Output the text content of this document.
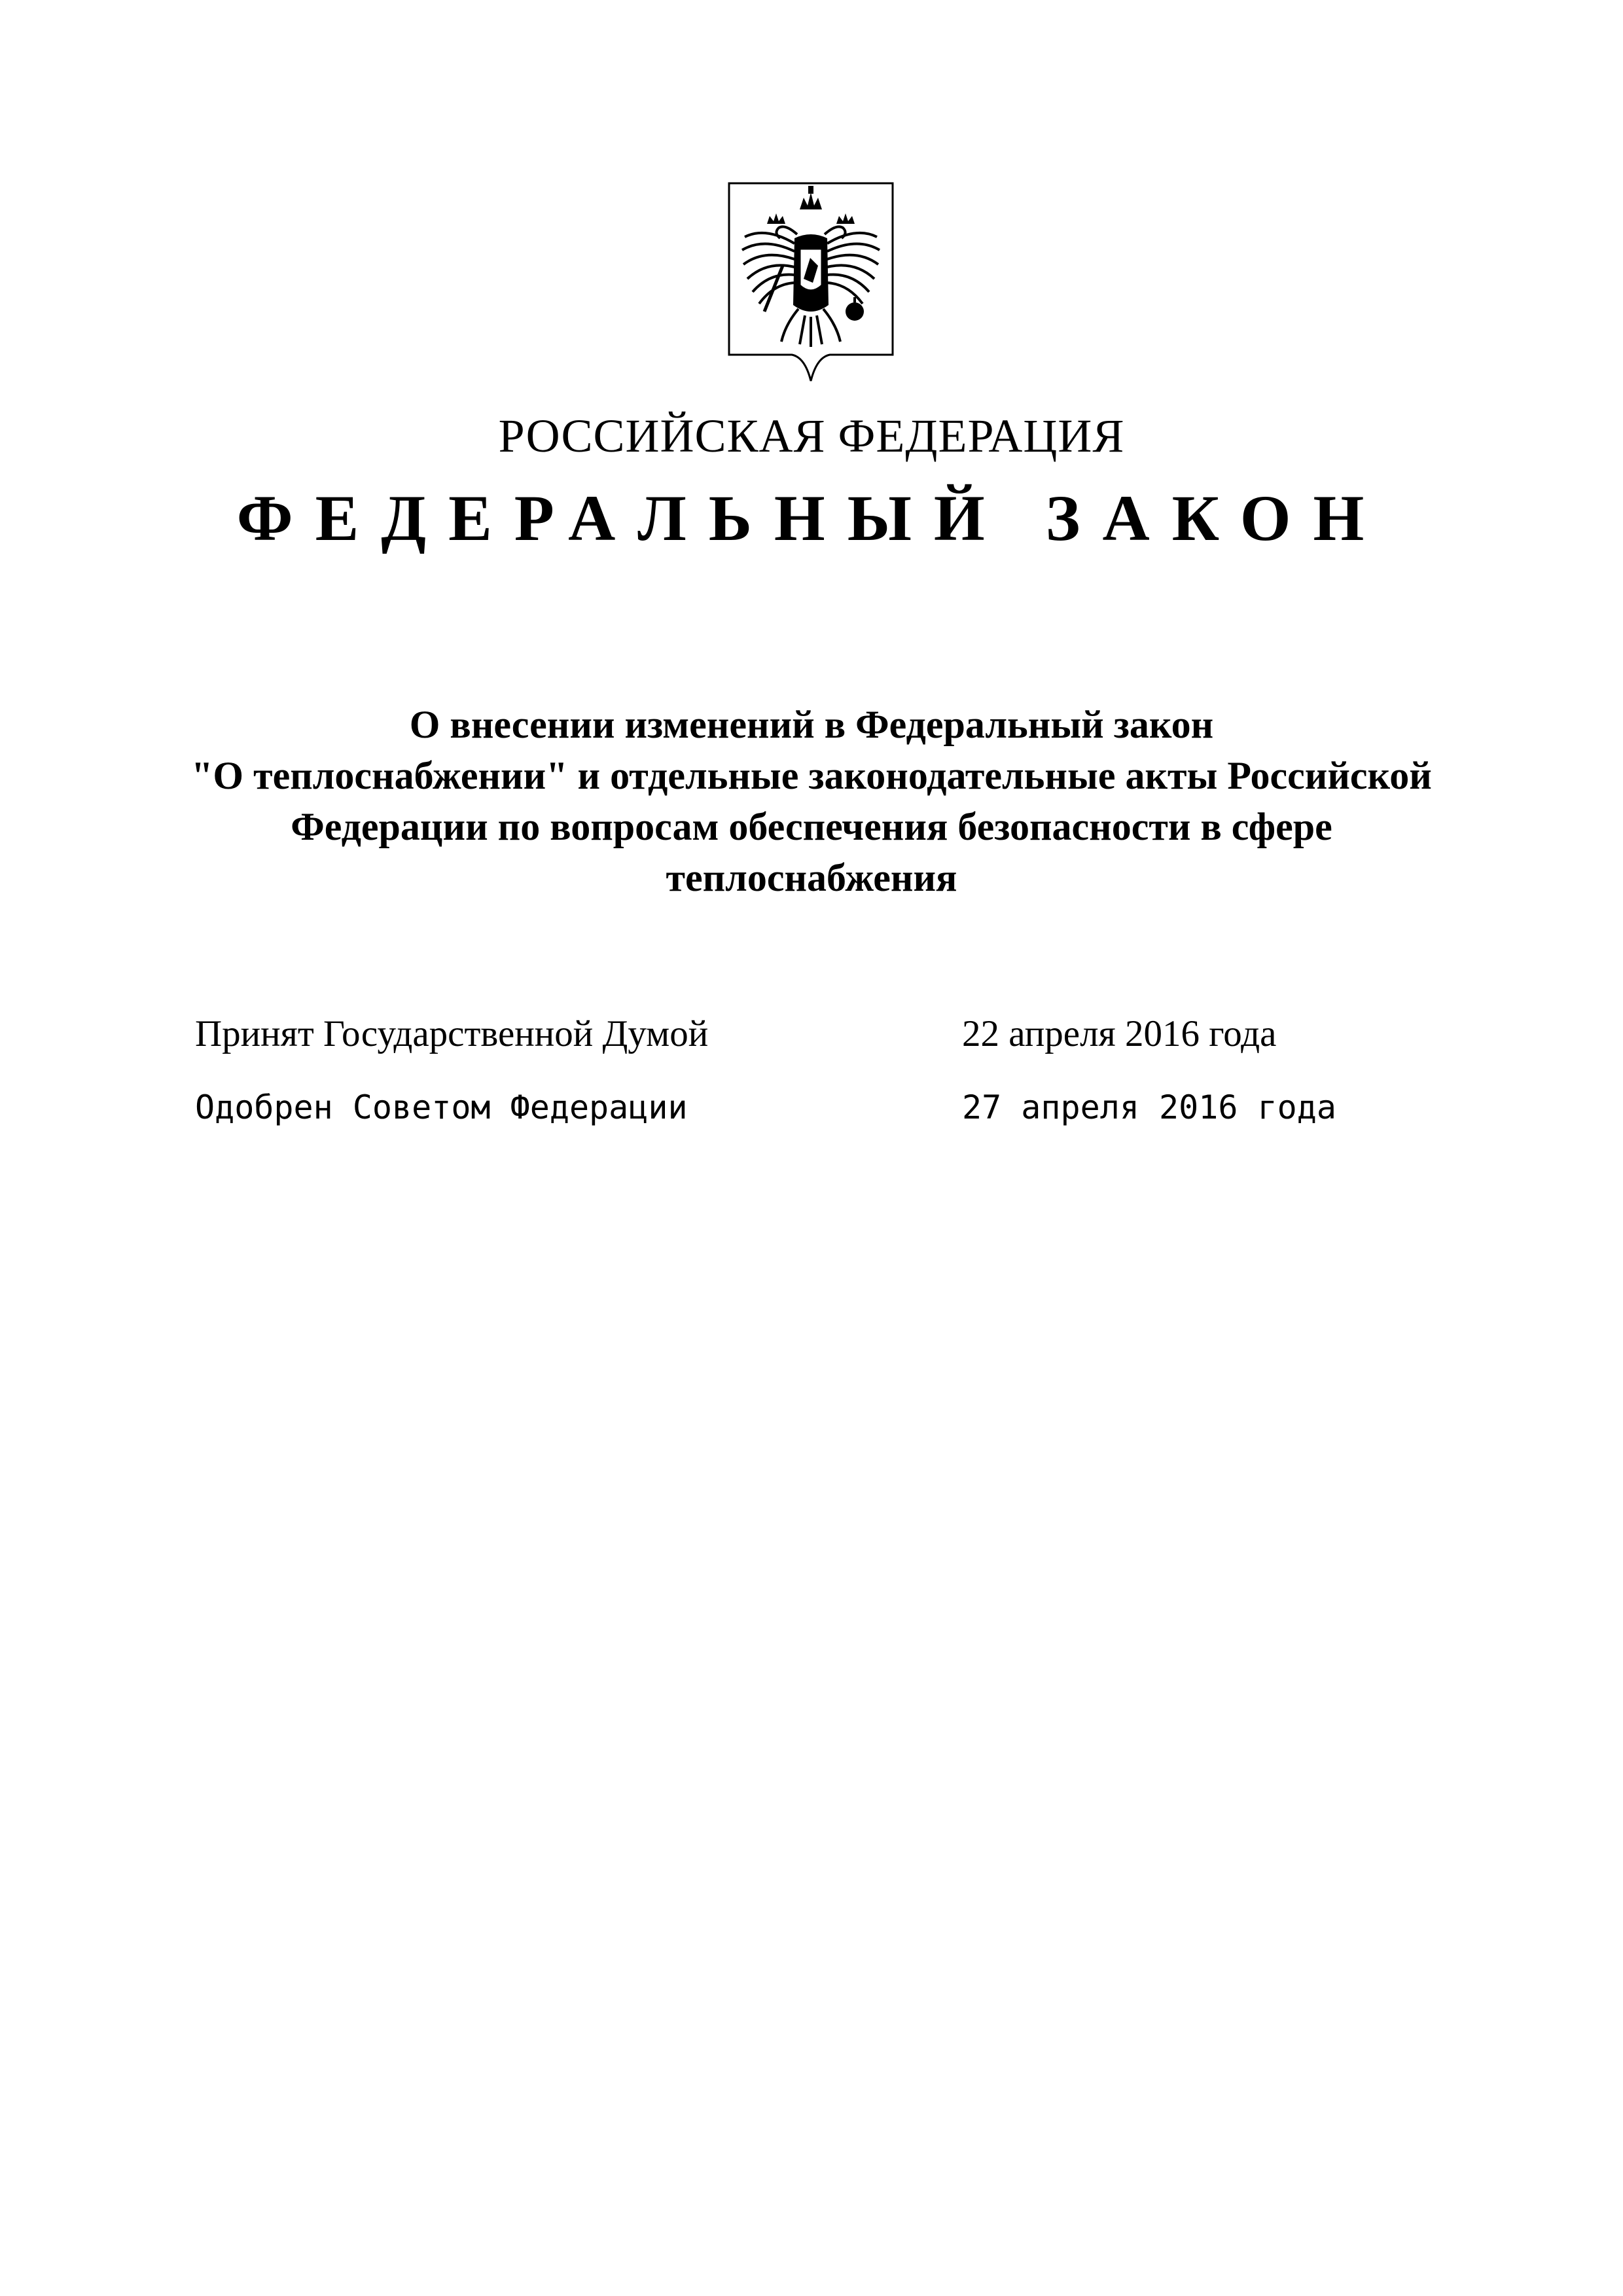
РОССИЙСКАЯ ФЕДЕРАЦИЯ
ФЕДЕРАЛЬНЫЙ ЗАКОН
О внесении изменений в Федеральный закон
"О теплоснабжении" и отдельные законодательные акты Российской
Федерации по вопросам обеспечения безопасности в сфере
теплоснабжения
Принят Государственной Думой	22 апреля 2016 года
Одобрен Советом Федерации	27 апреля 2016 года
